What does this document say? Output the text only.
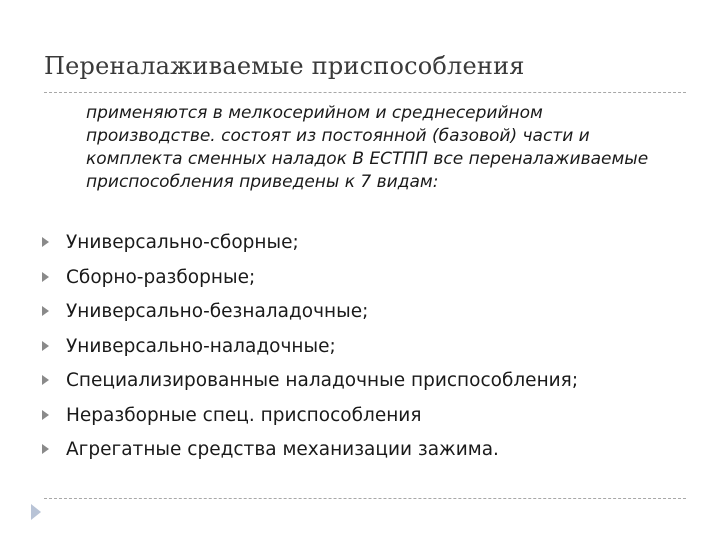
Переналаживаемые приспособления
применяются в мелкосерийном и среднесерийном производстве. состоят из постоянной (базовой) части и комплекта сменных наладок В ЕСТПП все переналаживаемые приспособления приведены к 7 видам:
Универсально-сборные;
Сборно-разборные;
Универсально-безналадочные;
Универсально-наладочные;
Специализированные наладочные приспособления;
Неразборные спец. приспособления
Агрегатные средства механизации зажима.
